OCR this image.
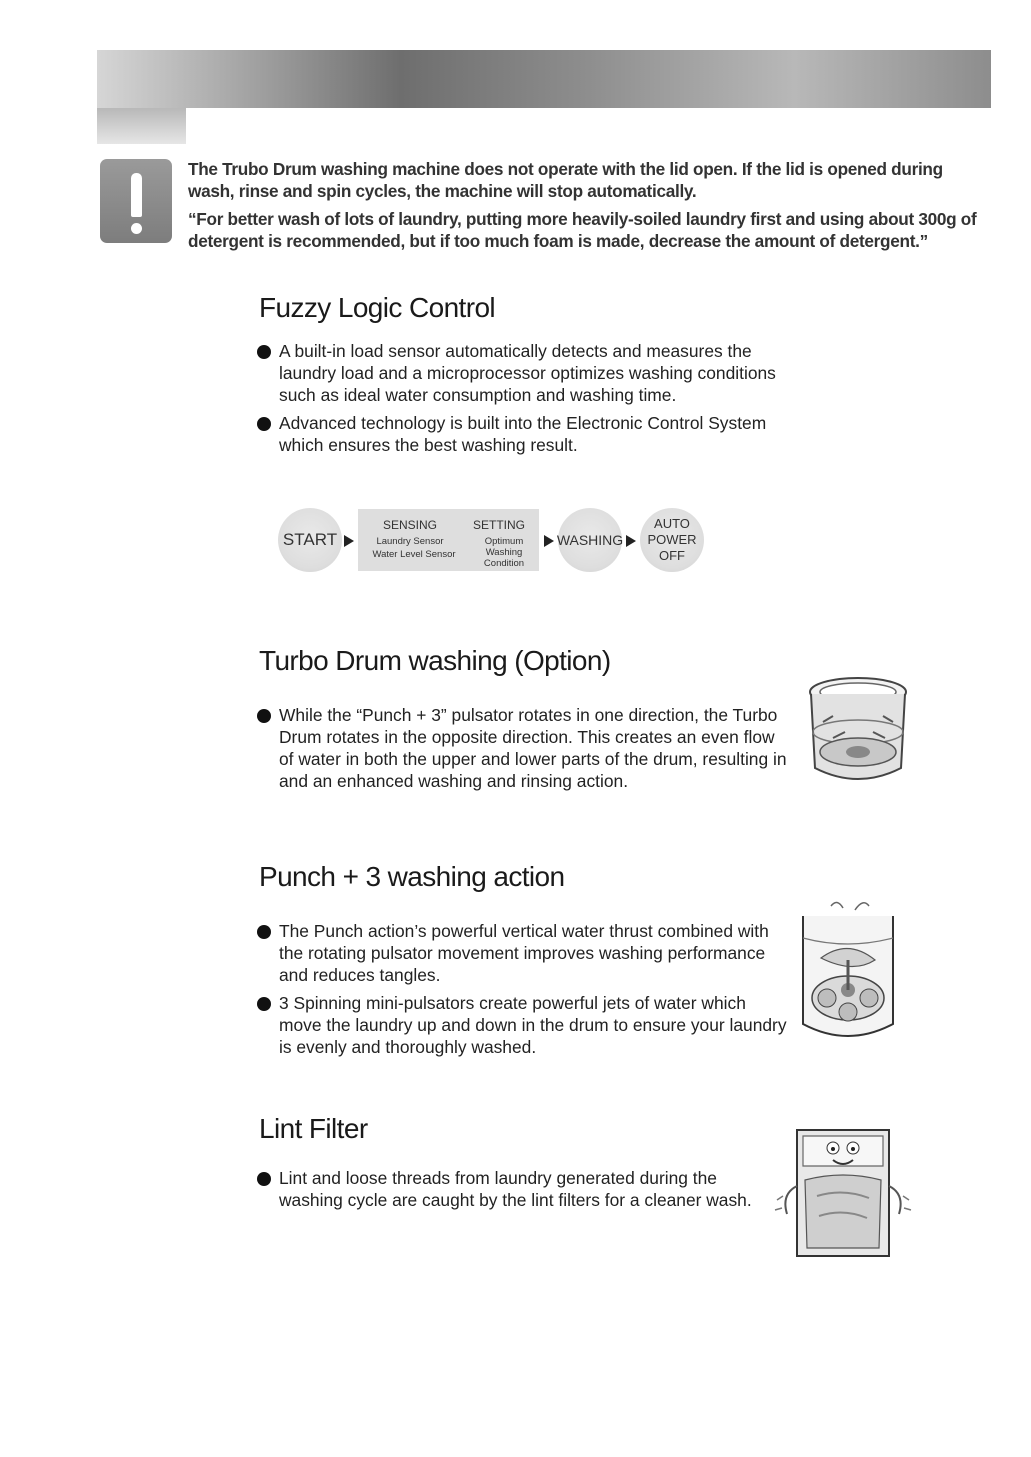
The Trubo Drum washing machine does not operate with the lid open. If the lid is opened during wash, rinse and spin cycles, the machine will stop automatically.

“For better wash of lots of laundry, putting more heavily-soiled laundry first and using about 300g of detergent is recommended, but if too much foam is made, decrease the amount of detergent.”

Fuzzy Logic Control
A built-in load sensor automatically detects and measures the laundry load and a microprocessor optimizes washing conditions such as ideal water consumption and washing time.
Advanced technology is built into the Electronic Control System which ensures the best washing result.
START
SENSING
Laundry Sensor
Water Level Sensor
SETTING
Optimum
Washing
Condition
WASHING
AUTO
POWER
OFF
Turbo Drum washing (Option)
While the “Punch + 3” pulsator rotates in one direction, the Turbo Drum rotates in the opposite direction. This creates an even flow of water in both the upper and lower parts of the drum, resulting in and an enhanced washing and rinsing action.
Punch + 3 washing action
The Punch action’s powerful vertical water thrust combined with the rotating pulsator movement improves washing performance and reduces tangles.
3 Spinning mini-pulsators create powerful jets of water which move the laundry up and down in the drum to ensure your laundry is evenly and thoroughly washed.
Lint Filter
Lint and loose threads from laundry generated during the washing cycle are caught by the lint filters for a cleaner wash.
